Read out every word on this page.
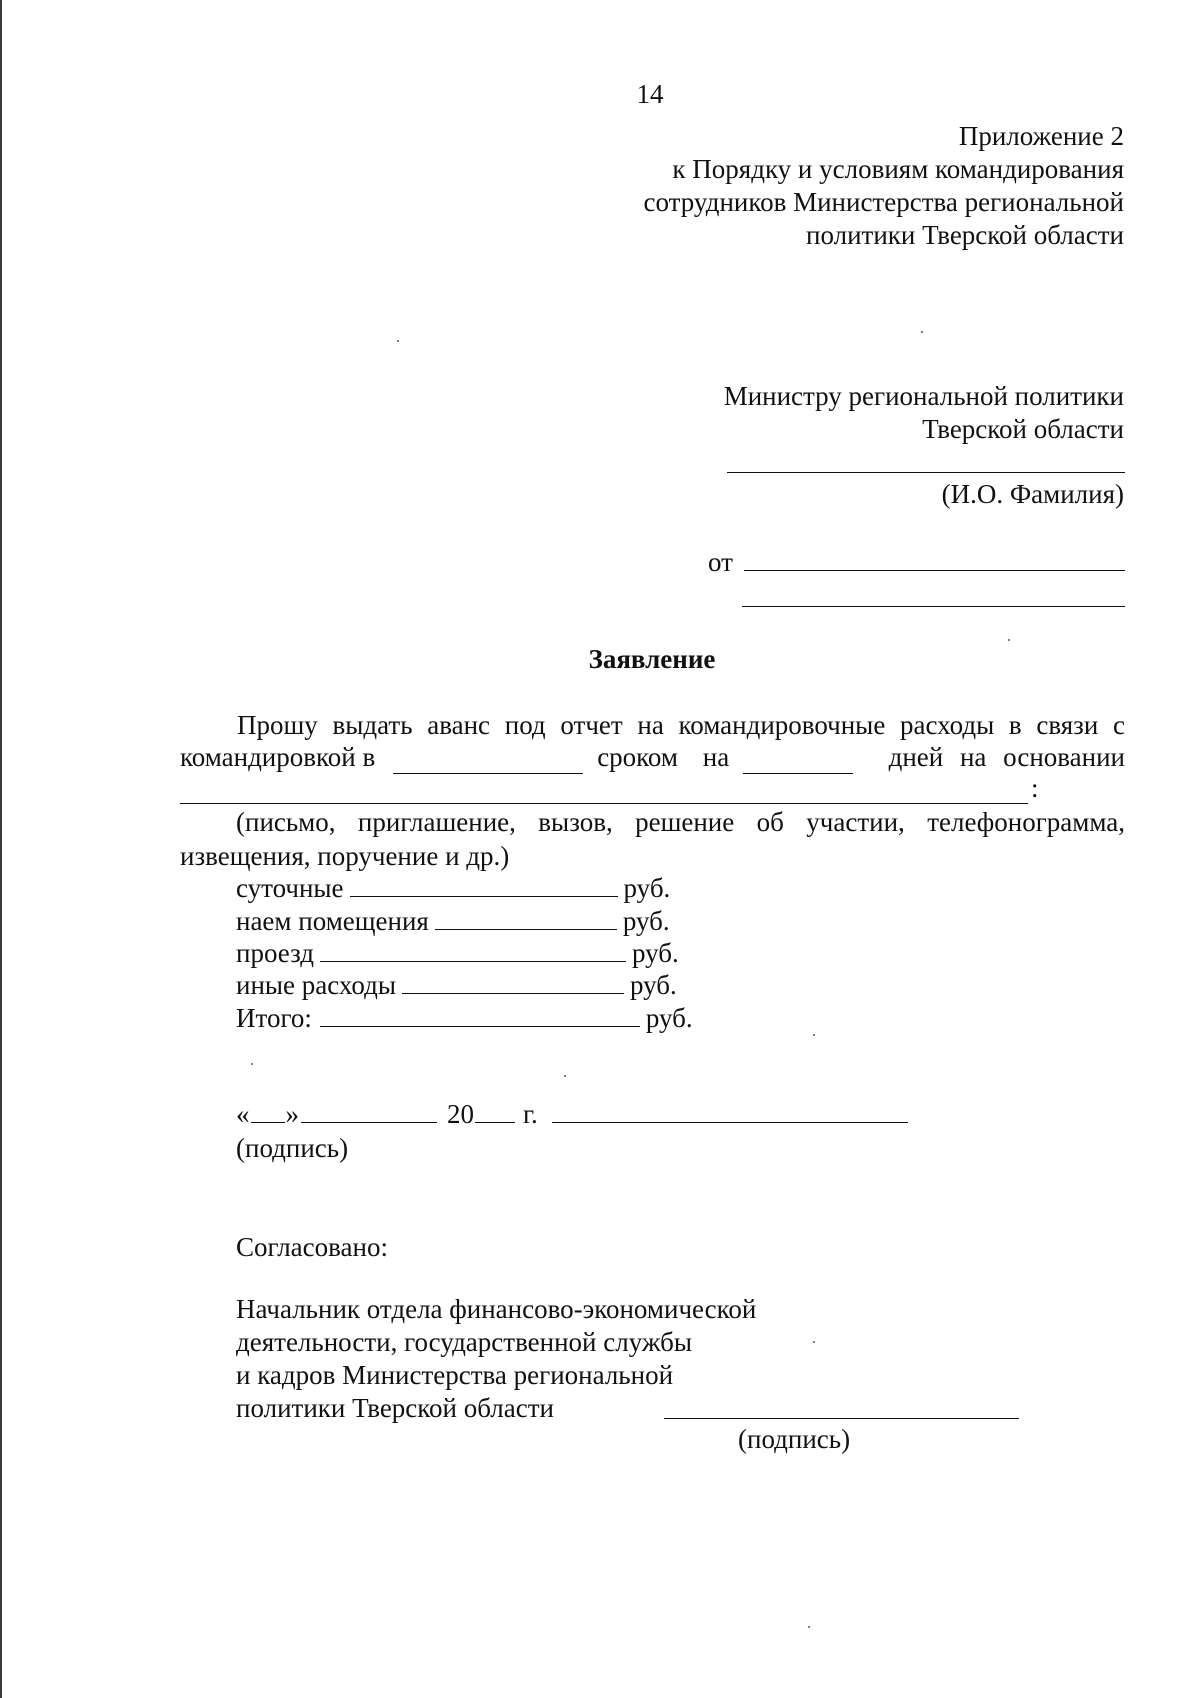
14
Приложение 2
к Порядку и условиям командирования
сотрудников Министерства региональной
политики Тверской области
Министру региональной политики
Тверской области
(И.О. Фамилия)
от
Заявление
Прошу выдать аванс под отчет на командировочные расходы в связи с
командировкой в	сроком на	дней на основании
:
(письмо, приглашение, вызов, решение об участии, телефонограмма,
извещения, поручение и др.)
суточные	руб.
наем помещения	руб.
проезд	руб.
иные расходы	руб.
Итого:	руб.
« »	20 г.
(подпись)
Согласовано:
Начальник отдела финансово-экономической
деятельности, государственной службы
и кадров Министерства региональной
политики Тверской области
(подпись)
